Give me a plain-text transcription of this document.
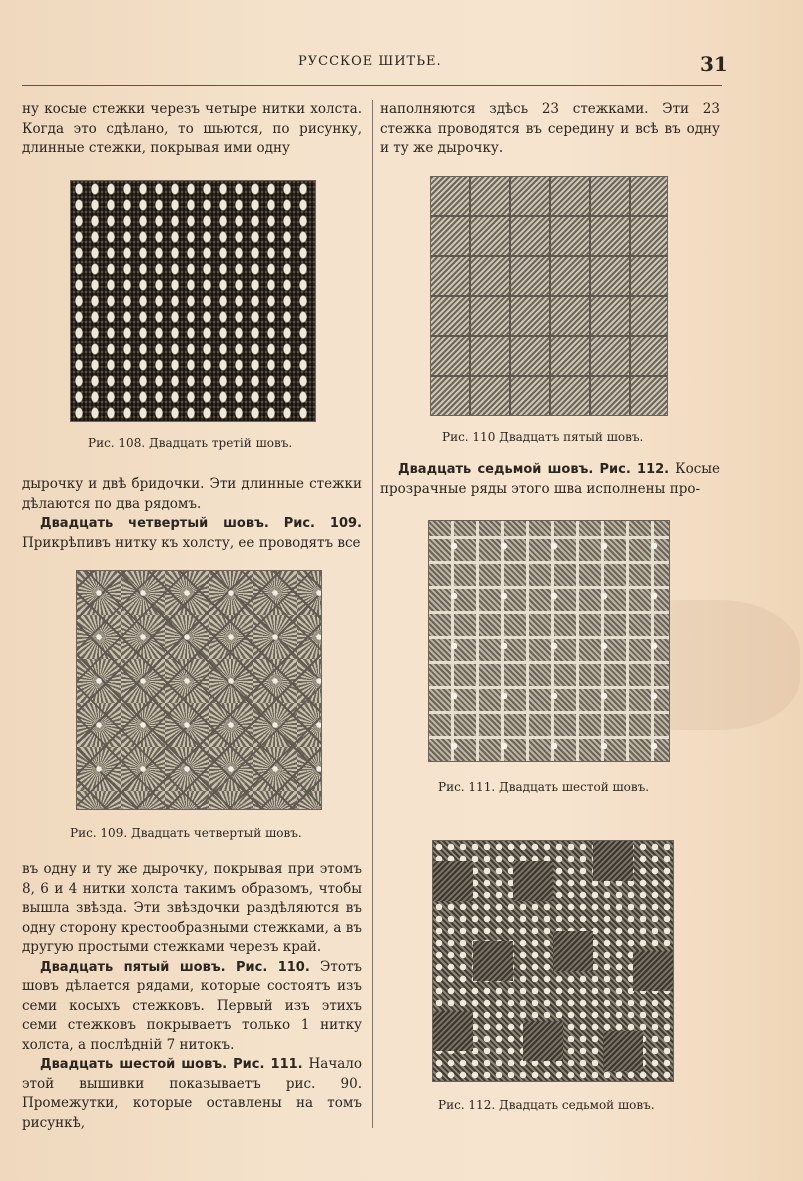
РУССКОЕ ШИТЬЕ.	31

ну косые стежки черезъ четыре нитки холста. Когда это сдѣлано, то шьются, по рисунку, длинные стежки, покрывая ими одну

Рис. 108. Двадцать третій шовъ.

дырочку и двѣ бридочки. Эти длинные стежки дѣлаются по два рядомъ.

Двадцать четвертый шовъ. Рис. 109. Прикрѣпивъ нитку къ холсту, ее проводятъ все

Рис. 109. Двадцать четвертый шовъ.

въ одну и ту же дырочку, покрывая при этомъ 8, 6 и 4 нитки холста такимъ образомъ, чтобы вышла звѣзда. Эти звѣздочки раздѣляются въ одну сторону крестообразными стежками, а въ другую простыми стежками черезъ край.

Двадцать пятый шовъ. Рис. 110. Этотъ шовъ дѣлается рядами, которые состоятъ изъ семи косыхъ стежковъ. Первый изъ этихъ семи стежковъ покрываетъ только 1 нитку холста, а послѣдній 7 нитокъ.

Двадцать шестой шовъ. Рис. 111. Начало этой вышивки показываетъ рис. 90. Промежутки, которые оставлены на томъ рисункѣ,

наполняются здѣсь 23 стежками. Эти 23 стежка проводятся въ середину и всѣ въ одну и ту же дырочку.

Рис. 110 Двадцатъ пятый шовъ.

Двадцать седьмой шовъ. Рис. 112. Косые прозрачные ряды этого шва исполнены про-

Рис. 111. Двадцать шестой шовъ.
Рис. 112. Двадцать седьмой шовъ.
